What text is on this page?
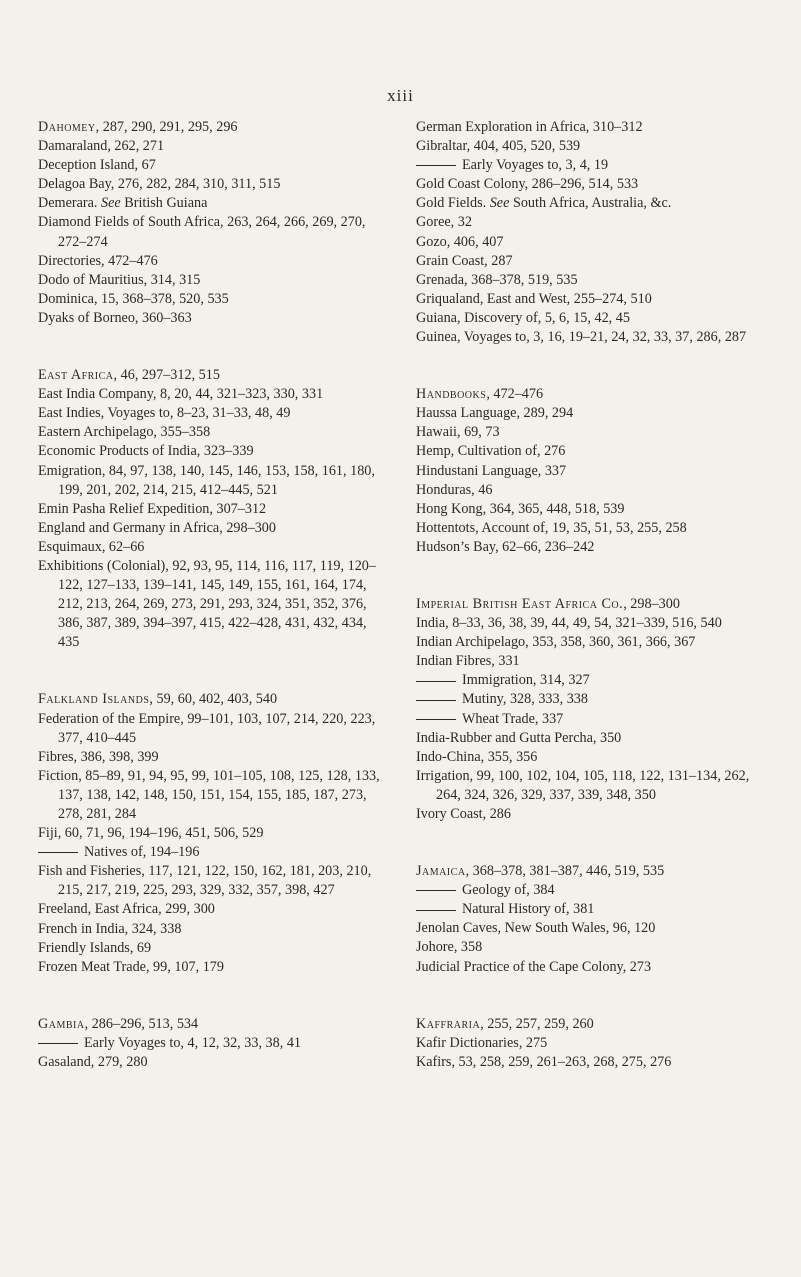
xiii

Dahomey, 287, 290, 291, 295, 296

Damaraland, 262, 271

Deception Island, 67

Delagoa Bay, 276, 282, 284, 310, 311, 515

Demerara. See British Guiana

Diamond Fields of South Africa, 263, 264, 266, 269, 270, 272–274

Directories, 472–476

Dodo of Mauritius, 314, 315

Dominica, 15, 368–378, 520, 535

Dyaks of Borneo, 360–363

East Africa, 46, 297–312, 515

East India Company, 8, 20, 44, 321–323, 330, 331

East Indies, Voyages to, 8–23, 31–33, 48, 49

Eastern Archipelago, 355–358

Economic Products of India, 323–339

Emigration, 84, 97, 138, 140, 145, 146, 153, 158, 161, 180, 199, 201, 202, 214, 215, 412–445, 521

Emin Pasha Relief Expedition, 307–312

England and Germany in Africa, 298–300

Esquimaux, 62–66

Exhibitions (Colonial), 92, 93, 95, 114, 116, 117, 119, 120–122, 127–133, 139–141, 145, 149, 155, 161, 164, 174, 212, 213, 264, 269, 273, 291, 293, 324, 351, 352, 376, 386, 387, 389, 394–397, 415, 422–428, 431, 432, 434, 435

Falkland Islands, 59, 60, 402, 403, 540

Federation of the Empire, 99–101, 103, 107, 214, 220, 223, 377, 410–445

Fibres, 386, 398, 399

Fiction, 85–89, 91, 94, 95, 99, 101–105, 108, 125, 128, 133, 137, 138, 142, 148, 150, 151, 154, 155, 185, 187, 273, 278, 281, 284

Fiji, 60, 71, 96, 194–196, 451, 506, 529

Natives of, 194–196

Fish and Fisheries, 117, 121, 122, 150, 162, 181, 203, 210, 215, 217, 219, 225, 293, 329, 332, 357, 398, 427

Freeland, East Africa, 299, 300

French in India, 324, 338

Friendly Islands, 69

Frozen Meat Trade, 99, 107, 179

Gambia, 286–296, 513, 534

Early Voyages to, 4, 12, 32, 33, 38, 41

Gasaland, 279, 280

German Exploration in Africa, 310–312

Gibraltar, 404, 405, 520, 539

Early Voyages to, 3, 4, 19

Gold Coast Colony, 286–296, 514, 533

Gold Fields. See South Africa, Australia, &c.

Goree, 32

Gozo, 406, 407

Grain Coast, 287

Grenada, 368–378, 519, 535

Griqualand, East and West, 255–274, 510

Guiana, Discovery of, 5, 6, 15, 42, 45

Guinea, Voyages to, 3, 16, 19–21, 24, 32, 33, 37, 286, 287

Handbooks, 472–476

Haussa Language, 289, 294

Hawaii, 69, 73

Hemp, Cultivation of, 276

Hindustani Language, 337

Honduras, 46

Hong Kong, 364, 365, 448, 518, 539

Hottentots, Account of, 19, 35, 51, 53, 255, 258

Hudson’s Bay, 62–66, 236–242

Imperial British East Africa Co., 298–300

India, 8–33, 36, 38, 39, 44, 49, 54, 321–339, 516, 540

Indian Archipelago, 353, 358, 360, 361, 366, 367

Indian Fibres, 331

Immigration, 314, 327

Mutiny, 328, 333, 338

Wheat Trade, 337

India-Rubber and Gutta Percha, 350

Indo-China, 355, 356

Irrigation, 99, 100, 102, 104, 105, 118, 122, 131–134, 262, 264, 324, 326, 329, 337, 339, 348, 350

Ivory Coast, 286

Jamaica, 368–378, 381–387, 446, 519, 535

Geology of, 384

Natural History of, 381

Jenolan Caves, New South Wales, 96, 120

Johore, 358

Judicial Practice of the Cape Colony, 273

Kaffraria, 255, 257, 259, 260

Kafir Dictionaries, 275

Kafirs, 53, 258, 259, 261–263, 268, 275, 276
